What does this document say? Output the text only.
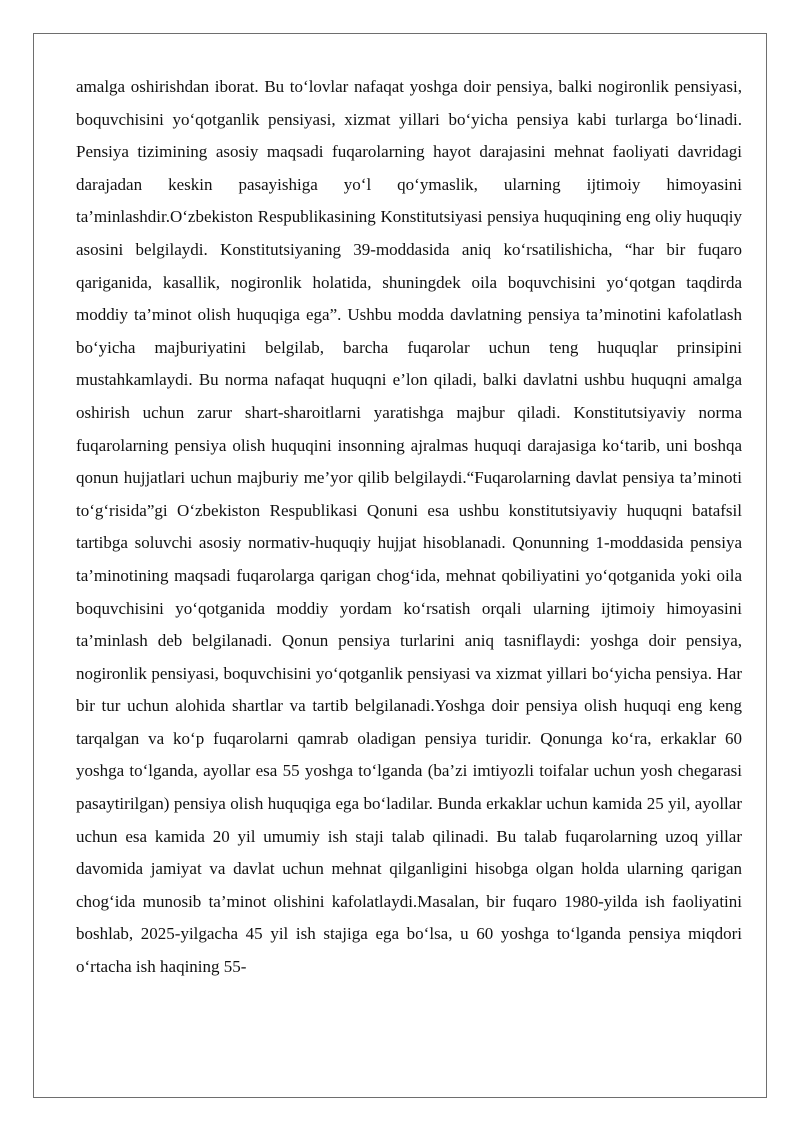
amalga oshirishdan iborat. Bu to‘lovlar nafaqat yoshga doir pensiya, balki nogironlik pensiyasi, boquvchisini yo‘qotganlik pensiyasi, xizmat yillari bo‘yicha pensiya kabi turlarga bo‘linadi. Pensiya tizimining asosiy maqsadi fuqarolarning hayot darajasini mehnat faoliyati davridagi darajadan keskin pasayishiga yo‘l qo‘ymaslik, ularning ijtimoiy himoyasini ta’minlashdir.O‘zbekiston Respublikasining Konstitutsiyasi pensiya huquqining eng oliy huquqiy asosini belgilaydi. Konstitutsiyaning 39-moddasida aniq ko‘rsatilishicha, “har bir fuqaro qariganida, kasallik, nogironlik holatida, shuningdek oila boquvchisini yo‘qotgan taqdirda moddiy ta’minot olish huquqiga ega”. Ushbu modda davlatning pensiya ta’minotini kafolatlash bo‘yicha majburiyatini belgilab, barcha fuqarolar uchun teng huquqlar prinsipini mustahkamlaydi. Bu norma nafaqat huquqni e’lon qiladi, balki davlatni ushbu huquqni amalga oshirish uchun zarur shart-sharoitlarni yaratishga majbur qiladi. Konstitutsiyaviy norma fuqarolarning pensiya olish huquqini insonning ajralmas huquqi darajasiga ko‘tarib, uni boshqa qonun hujjatlari uchun majburiy me’yor qilib belgilaydi.“Fuqarolarning davlat pensiya ta’minoti to‘g‘risida”gi O‘zbekiston Respublikasi Qonuni esa ushbu konstitutsiyaviy huquqni batafsil tartibga soluvchi asosiy normativ-huquqiy hujjat hisoblanadi. Qonunning 1-moddasida pensiya ta’minotining maqsadi fuqarolarga qarigan chog‘ida, mehnat qobiliyatini yo‘qotganida yoki oila boquvchisini yo‘qotganida moddiy yordam ko‘rsatish orqali ularning ijtimoiy himoyasini ta’minlash deb belgilanadi. Qonun pensiya turlarini aniq tasniflaydi: yoshga doir pensiya, nogironlik pensiyasi, boquvchisini yo‘qotganlik pensiyasi va xizmat yillari bo‘yicha pensiya. Har bir tur uchun alohida shartlar va tartib belgilanadi.Yoshga doir pensiya olish huquqi eng keng tarqalgan va ko‘p fuqarolarni qamrab oladigan pensiya turidir. Qonunga ko‘ra, erkaklar 60 yoshga to‘lganda, ayollar esa 55 yoshga to‘lganda (ba’zi imtiyozli toifalar uchun yosh chegarasi pasaytirilgan) pensiya olish huquqiga ega bo‘ladilar. Bunda erkaklar uchun kamida 25 yil, ayollar uchun esa kamida 20 yil umumiy ish staji talab qilinadi. Bu talab fuqarolarning uzoq yillar davomida jamiyat va davlat uchun mehnat qilganligini hisobga olgan holda ularning qarigan chog‘ida munosib ta’minot olishini kafolatlaydi.Masalan, bir fuqaro 1980-yilda ish faoliyatini boshlab, 2025-yilgacha 45 yil ish stajiga ega bo‘lsa, u 60 yoshga to‘lganda pensiya miqdori o‘rtacha ish haqining 55-
